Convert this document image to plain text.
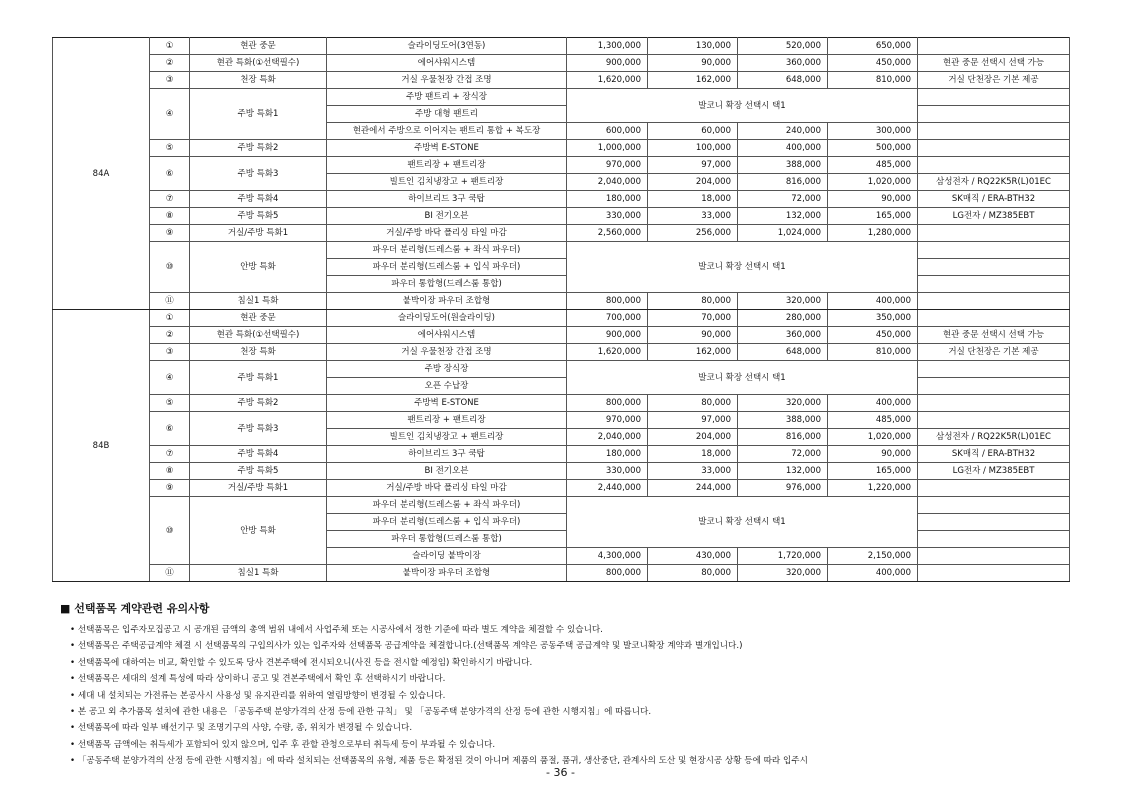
84A	①	현관 중문	슬라이딩도어(3연동)	1,300,000	130,000	520,000	650,000	
	②	현관 특화(①선택필수)	에어샤워시스템	900,000	90,000	360,000	450,000	현관 중문 선택시 선택 가능
	③	천장 특화	거실 우물천장 간접 조명	1,620,000	162,000	648,000	810,000	거실 단천장은 기본 제공
	④	주방 특화1	주방 팬트리 + 장식장	발코니 확장 선택시 택1				
			주방 대형 팬트리					
			현관에서 주방으로 이어지는 팬트리 통합 + 복도장	600,000	60,000	240,000	300,000	
	⑤	주방 특화2	주방벽 E-STONE	1,000,000	100,000	400,000	500,000	
	⑥	주방 특화3	팬트리장 + 팬트리장	970,000	97,000	388,000	485,000	
			빌트인 김치냉장고 + 팬트리장	2,040,000	204,000	816,000	1,020,000	삼성전자 / RQ22K5R(L)01EC
	⑦	주방 특화4	하이브리드 3구 쿡탑	180,000	18,000	72,000	90,000	SK매직 / ERA-BTH32
	⑧	주방 특화5	BI 전기오븐	330,000	33,000	132,000	165,000	LG전자 / MZ385EBT
	⑨	거실/주방 특화1	거실/주방 바닥 폴리싱 타일 마감	2,560,000	256,000	1,024,000	1,280,000	
	⑩	안방 특화	파우더 분리형(드레스룸 + 좌식 파우더)	발코니 확장 선택시 택1				
			파우더 분리형(드레스룸 + 입식 파우더)					
			파우더 통합형(드레스룸 통합)					
	⑪	침실1 특화	붙박이장 파우더 조합형	800,000	80,000	320,000	400,000	
84B	①	현관 중문	슬라이딩도어(원슬라이딩)	700,000	70,000	280,000	350,000	
	②	현관 특화(①선택필수)	에어샤워시스템	900,000	90,000	360,000	450,000	현관 중문 선택시 선택 가능
	③	천장 특화	거실 우물천장 간접 조명	1,620,000	162,000	648,000	810,000	거실 단천장은 기본 제공
	④	주방 특화1	주방 장식장	발코니 확장 선택시 택1				
			오픈 수납장					
	⑤	주방 특화2	주방벽 E-STONE	800,000	80,000	320,000	400,000	
	⑥	주방 특화3	팬트리장 + 팬트리장	970,000	97,000	388,000	485,000	
			빌트인 김치냉장고 + 팬트리장	2,040,000	204,000	816,000	1,020,000	삼성전자 / RQ22K5R(L)01EC
	⑦	주방 특화4	하이브리드 3구 쿡탑	180,000	18,000	72,000	90,000	SK매직 / ERA-BTH32
	⑧	주방 특화5	BI 전기오븐	330,000	33,000	132,000	165,000	LG전자 / MZ385EBT
	⑨	거실/주방 특화1	거실/주방 바닥 폴리싱 타일 마감	2,440,000	244,000	976,000	1,220,000	
	⑩	안방 특화	파우더 분리형(드레스룸 + 좌식 파우더)	발코니 확장 선택시 택1				
			파우더 분리형(드레스룸 + 입식 파우더)					
			파우더 통합형(드레스룸 통합)					
			슬라이딩 붙박이장	4,300,000	430,000	1,720,000	2,150,000	
	⑪	침실1 특화	붙박이장 파우더 조합형	800,000	80,000	320,000	400,000	
■ 선택품목 계약관련 유의사항
• 선택품목은 입주자모집공고 시 공개된 금액의 총액 범위 내에서 사업주체 또는 시공사에서 정한 기준에 따라 별도 계약을 체결할 수 있습니다.
• 선택품목은 주택공급계약 체결 시 선택품목의 구입의사가 있는 입주자와 선택품목 공급계약을 체결합니다.(선택품목 계약은 공동주택 공급계약 및 발코니확장 계약과 별개입니다.)
• 선택품목에 대하여는 비교, 확인할 수 있도록 당사 견본주택에 전시되오니(사진 등을 전시할 예정임) 확인하시기 바랍니다.
• 선택품목은 세대의 설계 특성에 따라 상이하니 공고 및 견본주택에서 확인 후 선택하시기 바랍니다.
• 세대 내 설치되는 가전류는 본공사시 사용성 및 유지관리를 위하여 열림방향이 변경될 수 있습니다.
• 본 공고 외 추가품목 설치에 관한 내용은 「공동주택 분양가격의 산정 등에 관한 규칙」 및 「공동주택 분양가격의 산정 등에 관한 시행지침」에 따릅니다.
• 선택품목에 따라 일부 배선기구 및 조명기구의 사양, 수량, 종, 위치가 변경될 수 있습니다.
• 선택품목 금액에는 취득세가 포함되어 있지 않으며, 입주 후 관할 관청으로부터 취득세 등이 부과될 수 있습니다.
• 「공동주택 분양가격의 산정 등에 관한 시행지침」에 따라 설치되는 선택품목의 유형, 제품 등은 확정된 것이 아니며 제품의 품절, 품귀, 생산중단, 관계사의 도산 및 현장시공 상황 등에 따라 입주시
- 36 -
